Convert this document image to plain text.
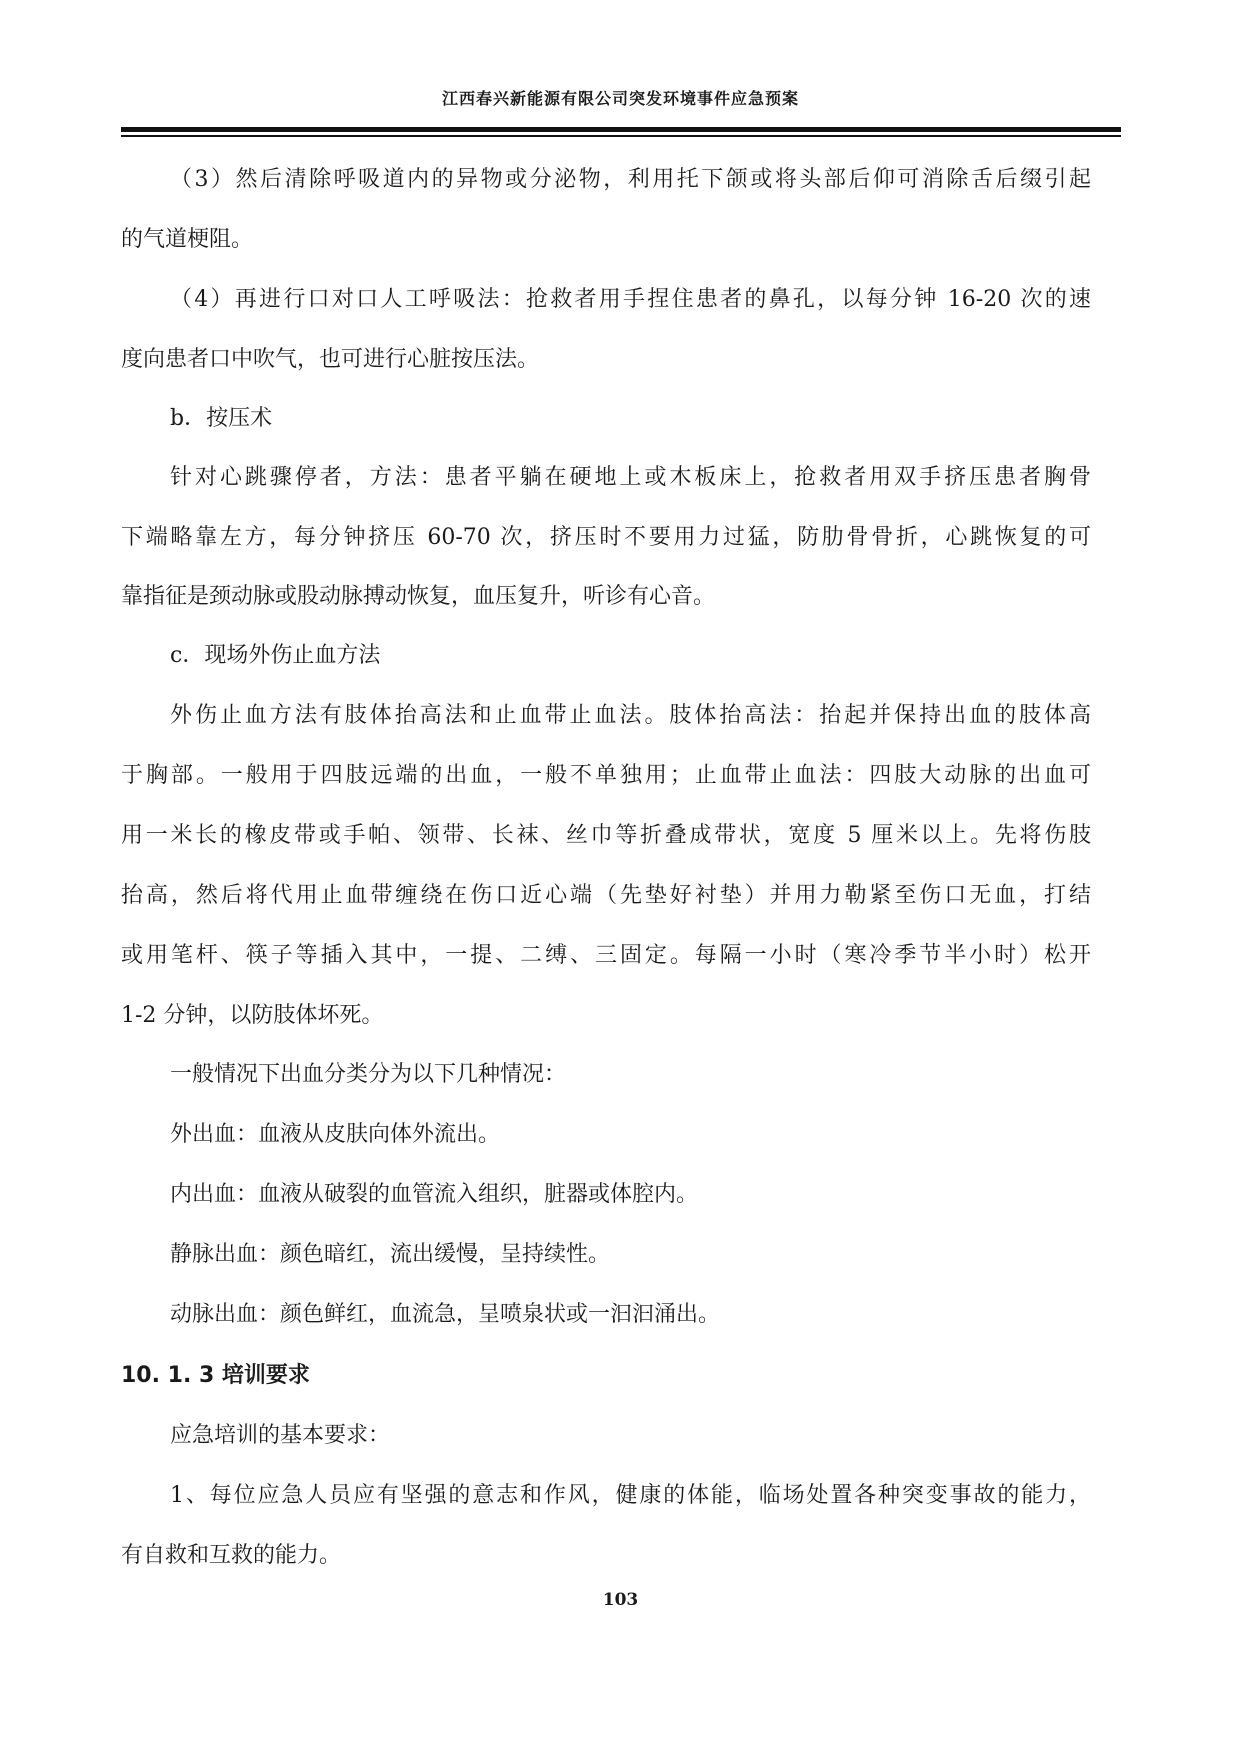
江西春兴新能源有限公司突发环境事件应急预案
（3）然后清除呼吸道内的异物或分泌物，利用托下颌或将头部后仰可消除舌后缀引起
的气道梗阻。
（4）再进行口对口人工呼吸法：抢救者用手捏住患者的鼻孔，以每分钟 16-20 次的速
度向患者口中吹气，也可进行心脏按压法。
b．按压术
针对心跳骤停者，方法：患者平躺在硬地上或木板床上，抢救者用双手挤压患者胸骨
下端略靠左方，每分钟挤压 60-70 次，挤压时不要用力过猛，防肋骨骨折，心跳恢复的可
靠指征是颈动脉或股动脉搏动恢复，血压复升，听诊有心音。
c．现场外伤止血方法
外伤止血方法有肢体抬高法和止血带止血法。肢体抬高法：抬起并保持出血的肢体高
于胸部。一般用于四肢远端的出血，一般不单独用；止血带止血法：四肢大动脉的出血可
用一米长的橡皮带或手帕、领带、长袜、丝巾等折叠成带状，宽度 5 厘米以上。先将伤肢
抬高，然后将代用止血带缠绕在伤口近心端（先垫好衬垫）并用力勒紧至伤口无血，打结
或用笔杆、筷子等插入其中，一提、二缚、三固定。每隔一小时（寒冷季节半小时）松开
1-2 分钟，以防肢体坏死。
一般情况下出血分类分为以下几种情况：
外出血：血液从皮肤向体外流出。
内出血：血液从破裂的血管流入组织，脏器或体腔内。
静脉出血：颜色暗红，流出缓慢，呈持续性。
动脉出血：颜色鲜红，血流急，呈喷泉状或一汩汩涌出。
10. 1. 3 培训要求
应急培训的基本要求：
1、每位应急人员应有坚强的意志和作风，健康的体能，临场处置各种突变事故的能力，
有自救和互救的能力。
103
